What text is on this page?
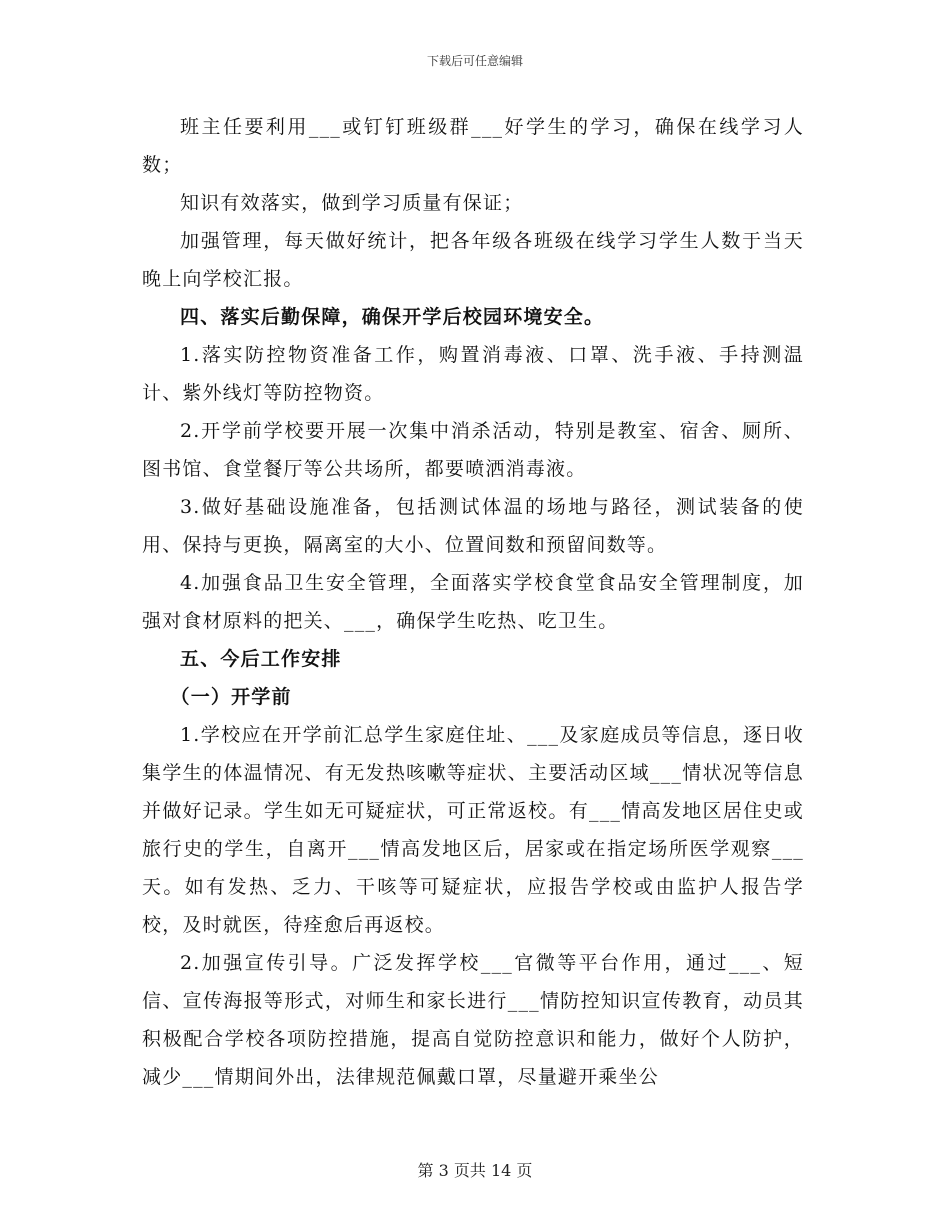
下载后可任意编辑

班主任要利用___或钉钉班级群___好学生的学习，确保在线学习人数；

知识有效落实，做到学习质量有保证；

加强管理，每天做好统计，把各年级各班级在线学习学生人数于当天晚上向学校汇报。

四、落实后勤保障，确保开学后校园环境安全。

1.落实防控物资准备工作，购置消毒液、口罩、洗手液、手持测温计、紫外线灯等防控物资。

2.开学前学校要开展一次集中消杀活动，特别是教室、宿舍、厕所、图书馆、食堂餐厅等公共场所，都要喷洒消毒液。

3.做好基础设施准备，包括测试体温的场地与路径，测试装备的使用、保持与更换，隔离室的大小、位置间数和预留间数等。

4.加强食品卫生安全管理，全面落实学校食堂食品安全管理制度，加强对食材原料的把关、___，确保学生吃热、吃卫生。

五、今后工作安排

（一）开学前

1.学校应在开学前汇总学生家庭住址、___及家庭成员等信息，逐日收集学生的体温情况、有无发热咳嗽等症状、主要活动区域___情状况等信息并做好记录。学生如无可疑症状，可正常返校。有___情高发地区居住史或旅行史的学生，自离开___情高发地区后，居家或在指定场所医学观察___天。如有发热、乏力、干咳等可疑症状，应报告学校或由监护人报告学校，及时就医，待痊愈后再返校。

2.加强宣传引导。广泛发挥学校___官微等平台作用，通过___、短信、宣传海报等形式，对师生和家长进行___情防控知识宣传教育，动员其积极配合学校各项防控措施，提高自觉防控意识和能力，做好个人防护，减少___情期间外出，法律规范佩戴口罩，尽量避开乘坐公

第 3 页共 14 页
